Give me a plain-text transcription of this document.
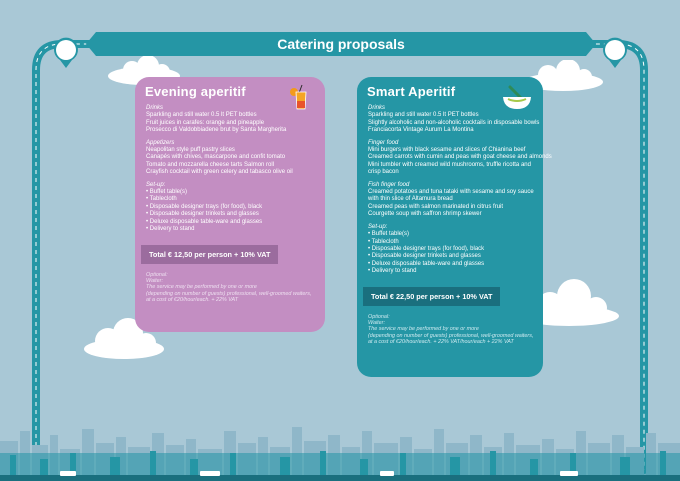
Catering proposals
Evening aperitif
Drinks
Sparkling and still water 0.5 lt PET bottles
Fruit juices in carafes: orange and pineapple
Prosecco di Valdobbiadene brut by Santa Margherita
Appetizers
Neapolitan style puff pastry slices
Canapés with chives, mascarpone and confit tomato
Tomato and mozzarella cheese tarts Salmon roll
Crayfish cocktail with green celery and tabasco olive oil
Set-up:
• Buffet table(s)
• Tablecloth
• Disposable designer trays (for food), black
• Disposable designer trinkets and glasses
• Deluxe disposable table-ware and glasses
• Delivery to stand
Total € 12,50 per person + 10% VAT
Optional:
Waiter:
The service may be performed by one or more
(depending on number of guests) professional, well-groomed waiters,
at a cost of €20/hour/each. + 22% VAT
Smart Aperitif
Drinks
Sparkling and still water 0.5 lt PET bottles
Slightly alcoholic and non-alcoholic cocktails in disposable bowls
Franciacorta Vintage Aurum La Montina
Finger food
Mini burgers with black sesame and slices of Chianina beef
Creamed carrots with cumin and peas with goat cheese and almonds
Mini tumbler with creamed wild mushrooms, truffle ricotta and
crisp bacon
Fish finger food
Creamed potatoes and tuna tataki with sesame and soy sauce
with thin slice of Altamura bread
Creamed peas with salmon marinated in citrus fruit
Courgette soup with saffron shrimp skewer
Set-up:
• Buffet table(s)
• Tablecloth
• Disposable designer trays (for food), black
• Disposable designer trinkets and glasses
• Deluxe disposable table-ware and glasses
• Delivery to stand
Total € 22,50 per person + 10% VAT
Optional:
Waiter:
The service may be performed by one or more
(depending on number of guests) professional, well-groomed waiters,
at a cost of €20/hour/each. + 22% VAT/hour/each + 22% VAT
